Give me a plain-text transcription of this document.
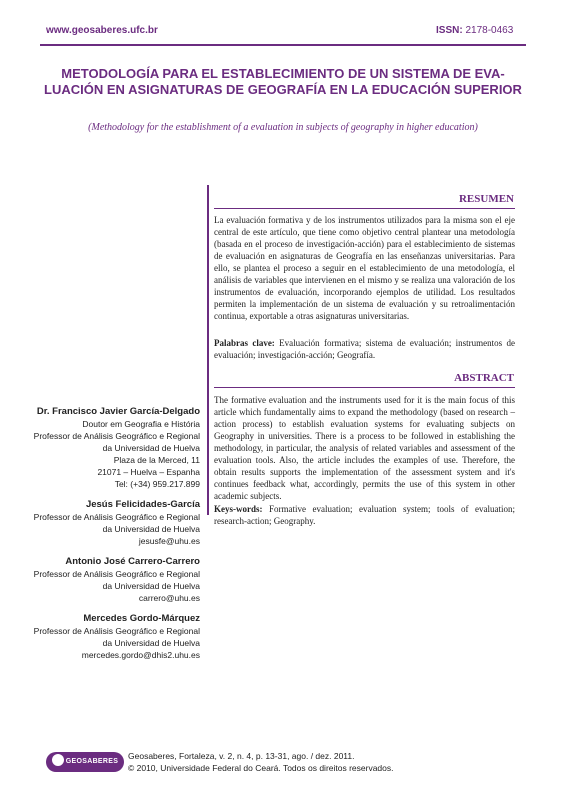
www.geosaberes.ufc.br	ISSN: 2178-0463
METODOLOGÍA PARA EL ESTABLECIMIENTO DE UN SISTEMA DE EVA-LUACIÓN EN ASIGNATURAS DE GEOGRAFÍA EN LA EDUCACIÓN SUPERIOR
(Methodology for the establishment of a evaluation in subjects of geography in higher education)
RESUMEN
La evaluación formativa y de los instrumentos utilizados para la misma son el eje central de este artículo, que tiene como objetivo central plantear una metodología (basada en el proceso de investigación-acción) para el establecimiento de sistemas de evaluación en asignaturas de Geografía en las enseñanzas universitarias. Para ello, se plantea el proceso a seguir en el establecimiento de una metodología, el análisis de variables que intervienen en el mismo y se realiza una valoración de los instrumentos de evaluación, incorporando ejemplos de utilidad. Los resultados permiten la implementación de un sistema de evaluación y su retroalimentación continua, exportable a otras asignaturas universitarias.
Palabras clave: Evaluación formativa; sistema de evaluación; instrumentos de evaluación; investigación-acción; Geografía.
ABSTRACT
The formative evaluation and the instruments used for it is the main focus of this article which fundamentally aims to expand the methodology (based on research – action process) to establish evaluation systems for evaluating subjects on Geography in universities. There is a process to be followed in establishing the methodology, in particular, the analysis of related variables and assessment of the evaluation tools. Also, the article includes the examples of use. Therefore, the obtain results supports the implementation of the assessment system and it's continues feedback what, accordingly, permits the use of this system in other academic subjects.
Keys-words: Formative evaluation; evaluation system; tools of evaluation; research-action; Geography.
Dr. Francisco Javier García-Delgado
Doutor em Geografia e História
Professor de Análisis Geográfico e Regional
da Universidad de Huelva
Plaza de la Merced, 11
21071 – Huelva – Espanha
Tel: (+34) 959.217.899
Jesús Felicidades-García
Professor de Análisis Geográfico e Regional
da Universidad de Huelva
jesusfe@uhu.es
Antonio José Carrero-Carrero
Professor de Análisis Geográfico e Regional
da Universidad de Huelva
carrero@uhu.es
Mercedes Gordo-Márquez
Professor de Análisis Geográfico e Regional
da Universidad de Huelva
mercedes.gordo@dhis2.uhu.es
GEOSABERES
Geosaberes, Fortaleza, v. 2, n. 4, p. 13-31, ago. / dez. 2011.
© 2010, Universidade Federal do Ceará. Todos os direitos reservados.
